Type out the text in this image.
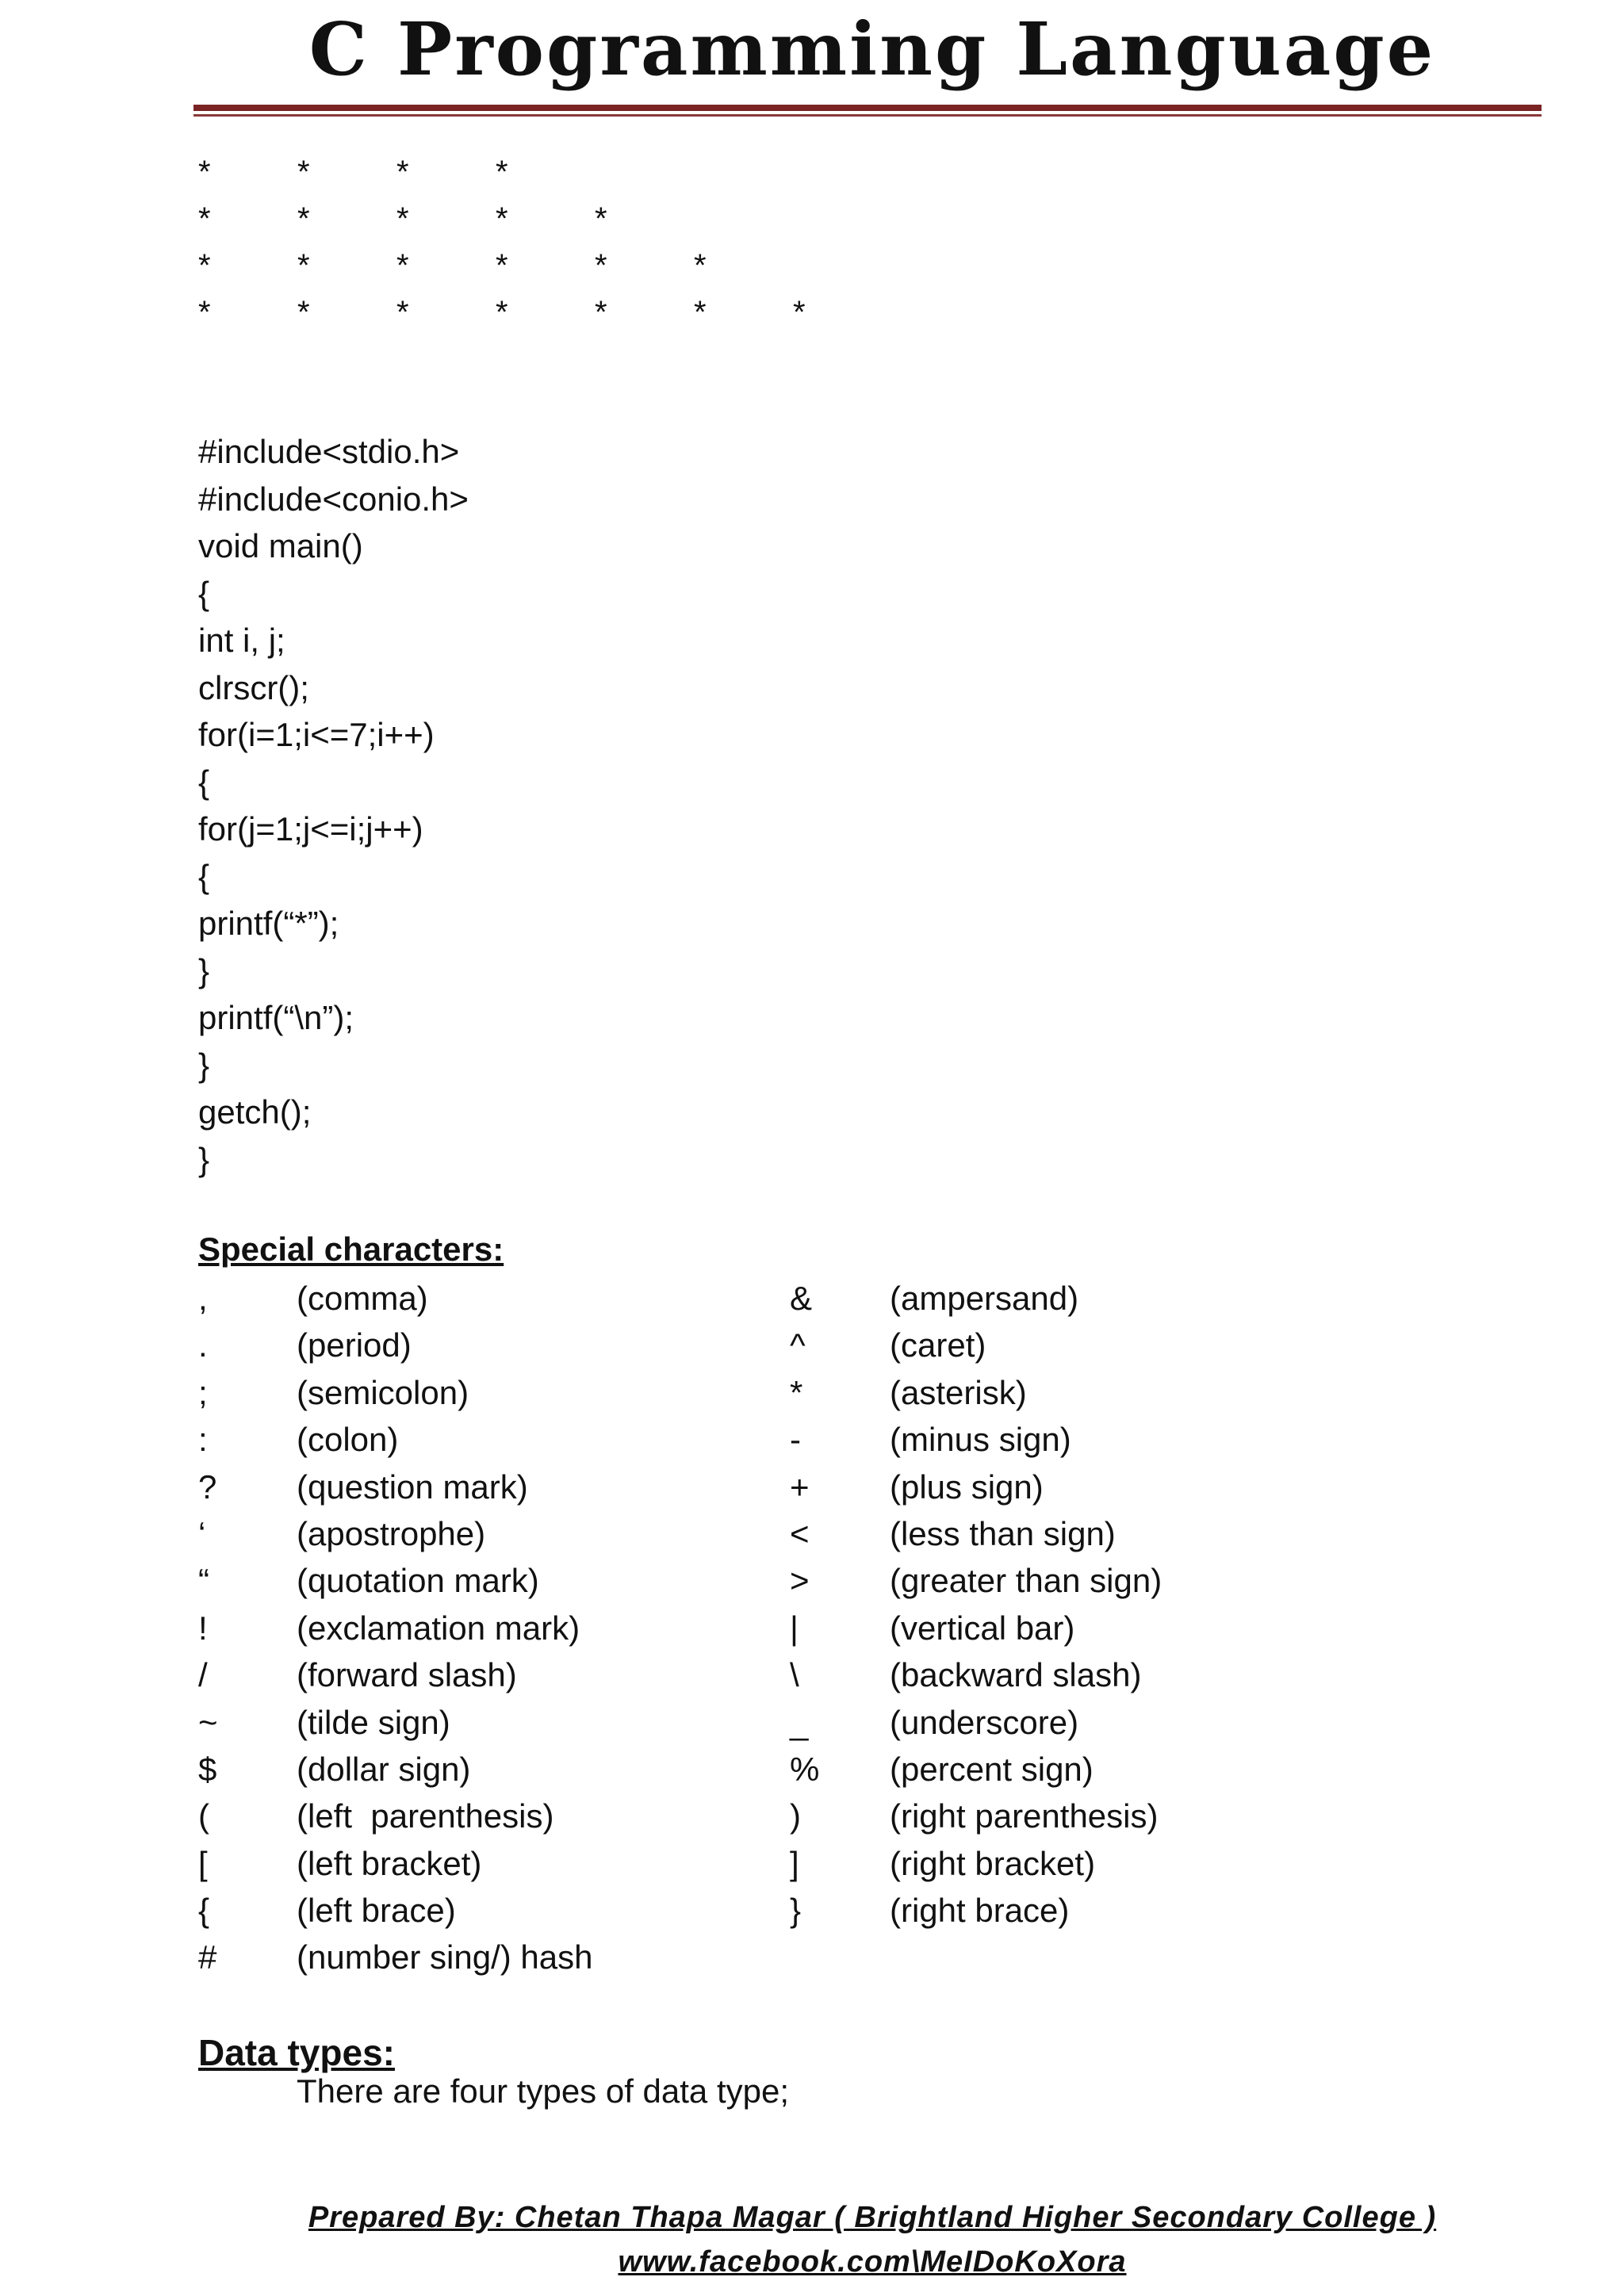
C Programming Language
*	*	*	*
*	*	*	*	*
*	*	*	*	*	*
*	*	*	*	*	*	*
#include<stdio.h>
#include<conio.h>
void main()
{
int i, j;
clrscr();
for(i=1;i<=7;i++)
{
for(j=1;j<=i;j++)
{
printf(“*”);
}
printf(“\n”);
}
getch();
}
Special characters:
,	(comma)	& (ampersand)
.	(period)	^	(caret)
;	(semicolon)	*	(asterisk)
:	(colon)	-	(minus sign)
? (question mark)	+ (plus sign)
‘	(apostrophe)	< (less than sign)
“	(quotation mark)	> (greater than sign)
!	(exclamation mark)	|	(vertical bar)
/	(forward slash)	\	(backward slash)
~ (tilde sign)	_ (underscore)
$ (dollar sign)	% (percent sign)
(	(left  parenthesis)	)	(right parenthesis)
[	(left bracket)	]	(right bracket)
{	(left brace)	}	(right brace)
# (number sing/) hash
Data types:
There are four types of data type;
Prepared By: Chetan Thapa Magar ( Brightland Higher Secondary College )
www.facebook.com\MeIDoKoXora
